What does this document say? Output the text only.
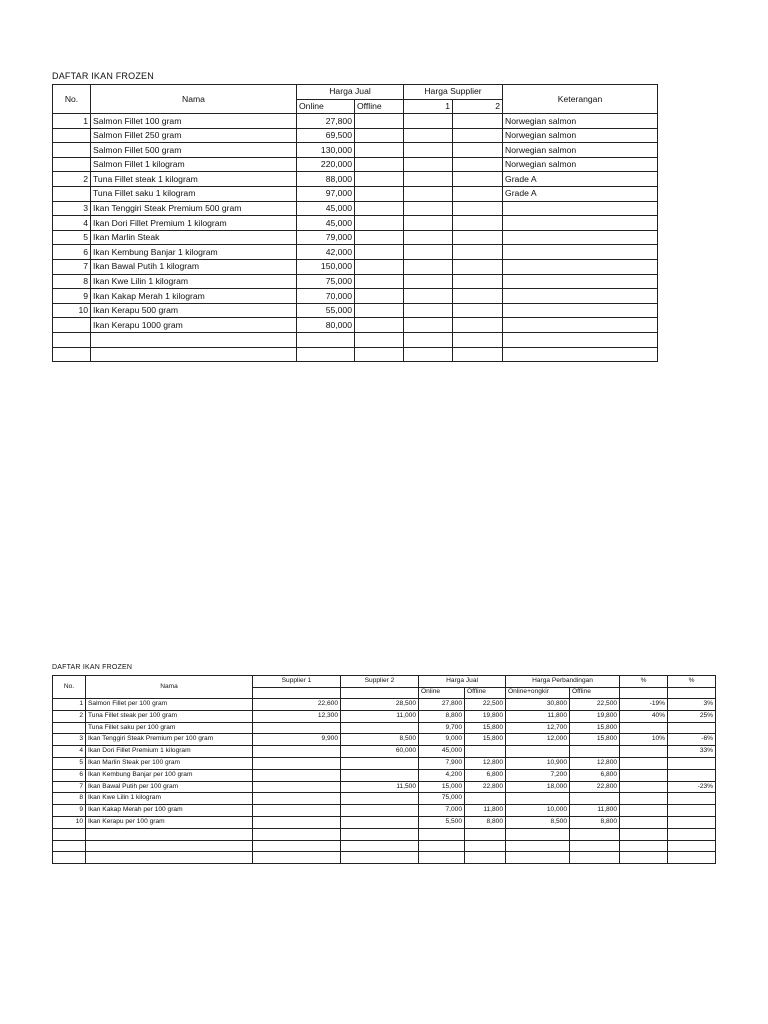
DAFTAR IKAN FROZEN
No.	Nama	Harga Jual		Harga Supplier		Keterangan
		Online	Offline	1	2	
1	Salmon Fillet 100 gram	27,800				Norwegian salmon
	Salmon Fillet 250 gram	69,500				Norwegian salmon
	Salmon Fillet 500 gram	130,000				Norwegian salmon
	Salmon Fillet 1 kilogram	220,000				Norwegian salmon
2	Tuna Fillet steak 1 kilogram	88,000				Grade A
	Tuna Fillet saku 1 kilogram	97,000				Grade A
3	Ikan Tenggiri Steak Premium 500 gram	45,000				
4	Ikan Dori Fillet Premium 1 kilogram	45,000				
5	Ikan Marlin Steak	79,000				
6	Ikan Kembung Banjar 1 kilogram	42,000				
7	Ikan Bawal Putih 1 kilogram	150,000				
8	Ikan Kwe Lilin 1 kilogram	75,000				
9	Ikan Kakap Merah 1 kilogram	70,000				
10	Ikan Kerapu 500 gram	55,000				
	Ikan Kerapu 1000 gram	80,000				

DAFTAR IKAN FROZEN
No.	Nama	Supplier 1	Supplier 2	Harga Jual		Harga Perbandingan		%	%
				Online	Offline	Online+ongkir	Offline		
1	Salmon Fillet per 100 gram	22,600	28,500	27,800	22,500	30,800	22,500	-19%	3%
2	Tuna Fillet steak per 100 gram	12,300	11,000	8,800	19,800	11,800	19,800	40%	25%
	Tuna Fillet saku per 100 gram			9,700	15,800	12,700	15,800		
3	Ikan Tenggiri Steak Premium per 100 gram	9,900	8,500	9,000	15,800	12,000	15,800	10%	-6%
4	Ikan Dori Fillet Premium 1 kilogram		60,000	45,000					33%
5	Ikan Marlin Steak per 100 gram			7,900	12,800	10,900	12,800		
6	Ikan Kembung Banjar per 100 gram			4,200	6,800	7,200	6,800		
7	Ikan Bawal Putih per 100 gram		11,500	15,000	22,800	18,000	22,800		-23%
8	Ikan Kwe Lilin 1 kilogram			75,000					
9	Ikan Kakap Merah per 100 gram			7,000	11,800	10,000	11,800		
10	Ikan Kerapu per 100 gram			5,500	8,800	8,500	8,800		
